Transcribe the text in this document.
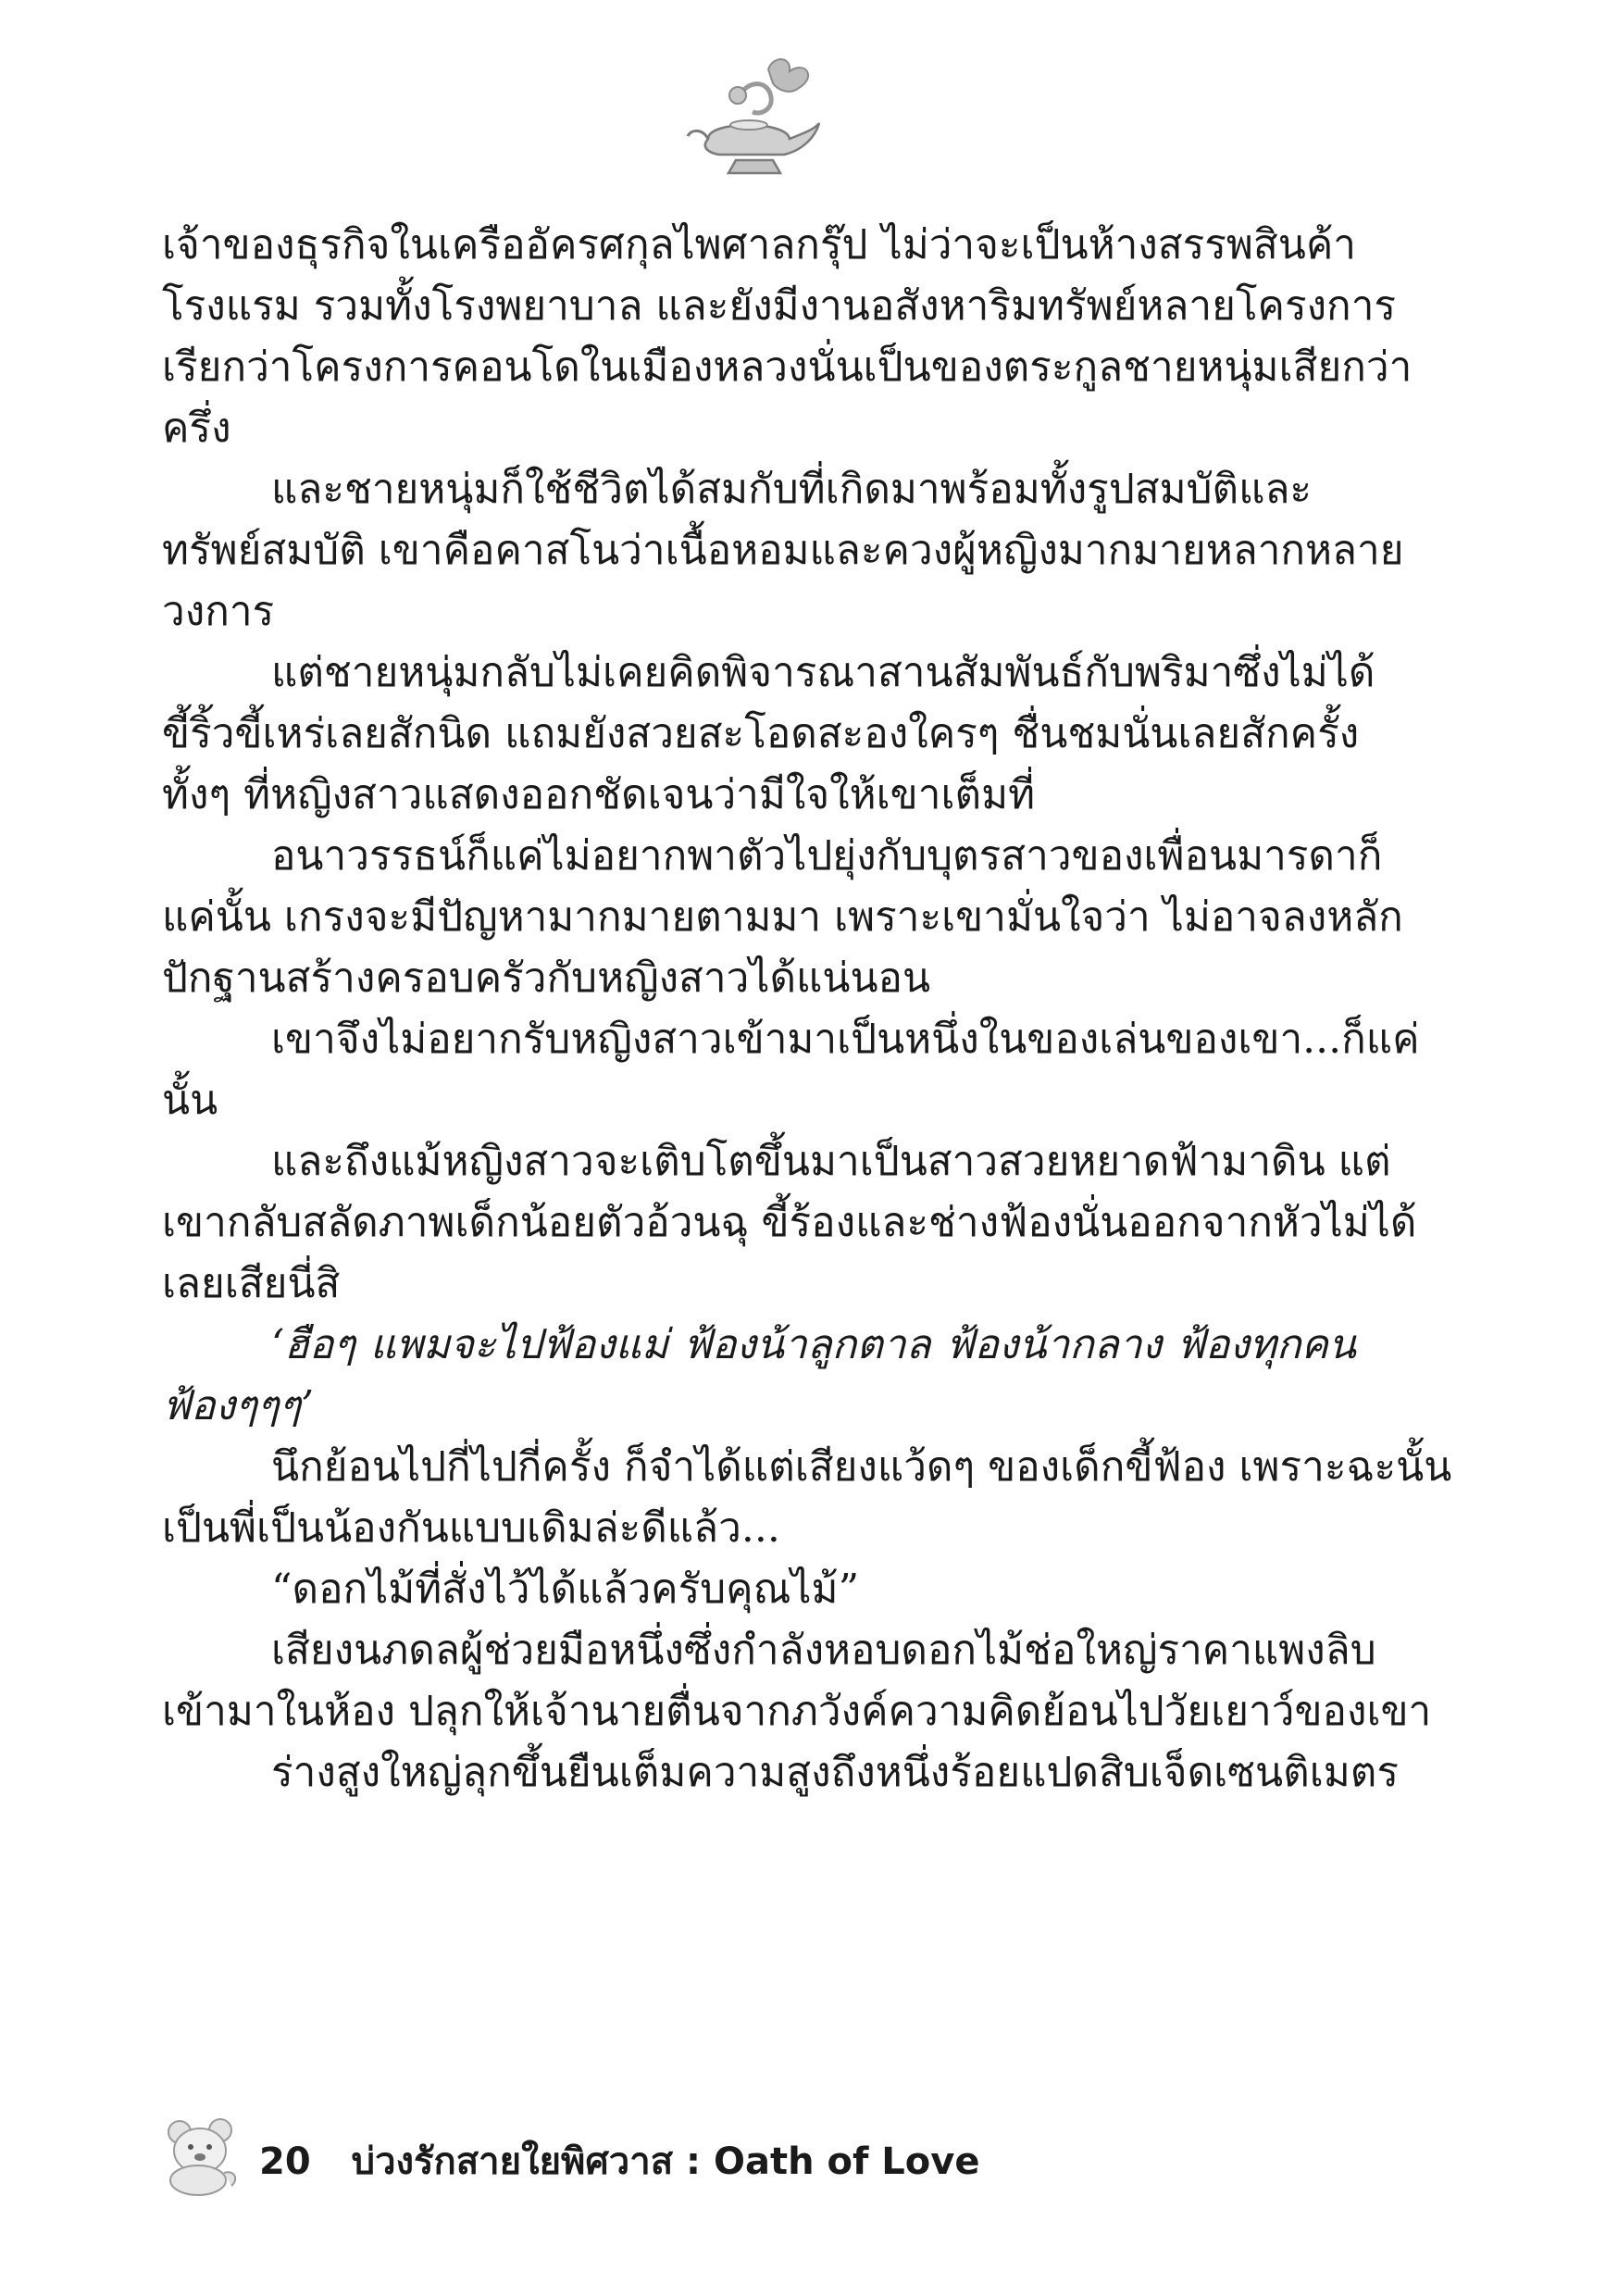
เจ้าของธุรกิจในเครืออัครศกุลไพศาลกรุ๊ป ไม่ว่าจะเป็นห้างสรรพสินค้า
โรงแรม รวมทั้งโรงพยาบาล และยังมีงานอสังหาริมทรัพย์หลายโครงการ
เรียกว่าโครงการคอนโดในเมืองหลวงนั่นเป็นของตระกูลชายหนุ่มเสียกว่า
ครึ่ง
และชายหนุ่มก็ใช้ชีวิตได้สมกับที่เกิดมาพร้อมทั้งรูปสมบัติและ
ทรัพย์สมบัติ เขาคือคาสโนว่าเนื้อหอมและควงผู้หญิงมากมายหลากหลาย
วงการ
แต่ชายหนุ่มกลับไม่เคยคิดพิจารณาสานสัมพันธ์กับพริมาซึ่งไม่ได้
ขี้ริ้วขี้เหร่เลยสักนิด แถมยังสวยสะโอดสะองใครๆ ชื่นชมนั่นเลยสักครั้ง
ทั้งๆ ที่หญิงสาวแสดงออกชัดเจนว่ามีใจให้เขาเต็มที่
อนาวรรธน์ก็แค่ไม่อยากพาตัวไปยุ่งกับบุตรสาวของเพื่อนมารดาก็
แค่นั้น เกรงจะมีปัญหามากมายตามมา เพราะเขามั่นใจว่า ไม่อาจลงหลัก
ปักฐานสร้างครอบครัวกับหญิงสาวได้แน่นอน
เขาจึงไม่อยากรับหญิงสาวเข้ามาเป็นหนึ่งในของเล่นของเขา...ก็แค่
นั้น
และถึงแม้หญิงสาวจะเติบโตขึ้นมาเป็นสาวสวยหยาดฟ้ามาดิน แต่
เขากลับสลัดภาพเด็กน้อยตัวอ้วนฉุ ขี้ร้องและช่างฟ้องนั่นออกจากหัวไม่ได้
เลยเสียนี่สิ
‘ฮือๆ แพมจะไปฟ้องแม่ ฟ้องน้าลูกตาล ฟ้องน้ากลาง ฟ้องทุกคน
ฟ้องๆๆๆ’
นึกย้อนไปกี่ไปกี่ครั้ง ก็จำได้แต่เสียงแว้ดๆ ของเด็กขี้ฟ้อง เพราะฉะนั้น
เป็นพี่เป็นน้องกันแบบเดิมล่ะดีแล้ว...
“ดอกไม้ที่สั่งไว้ได้แล้วครับคุณไม้”
เสียงนภดลผู้ช่วยมือหนึ่งซึ่งกำลังหอบดอกไม้ช่อใหญ่ราคาแพงลิบ
เข้ามาในห้อง ปลุกให้เจ้านายตื่นจากภวังค์ความคิดย้อนไปวัยเยาว์ของเขา
ร่างสูงใหญ่ลุกขึ้นยืนเต็มความสูงถึงหนึ่งร้อยแปดสิบเจ็ดเซนติเมตร
20 บ่วงรักสายใยพิศวาส : Oath of Love
